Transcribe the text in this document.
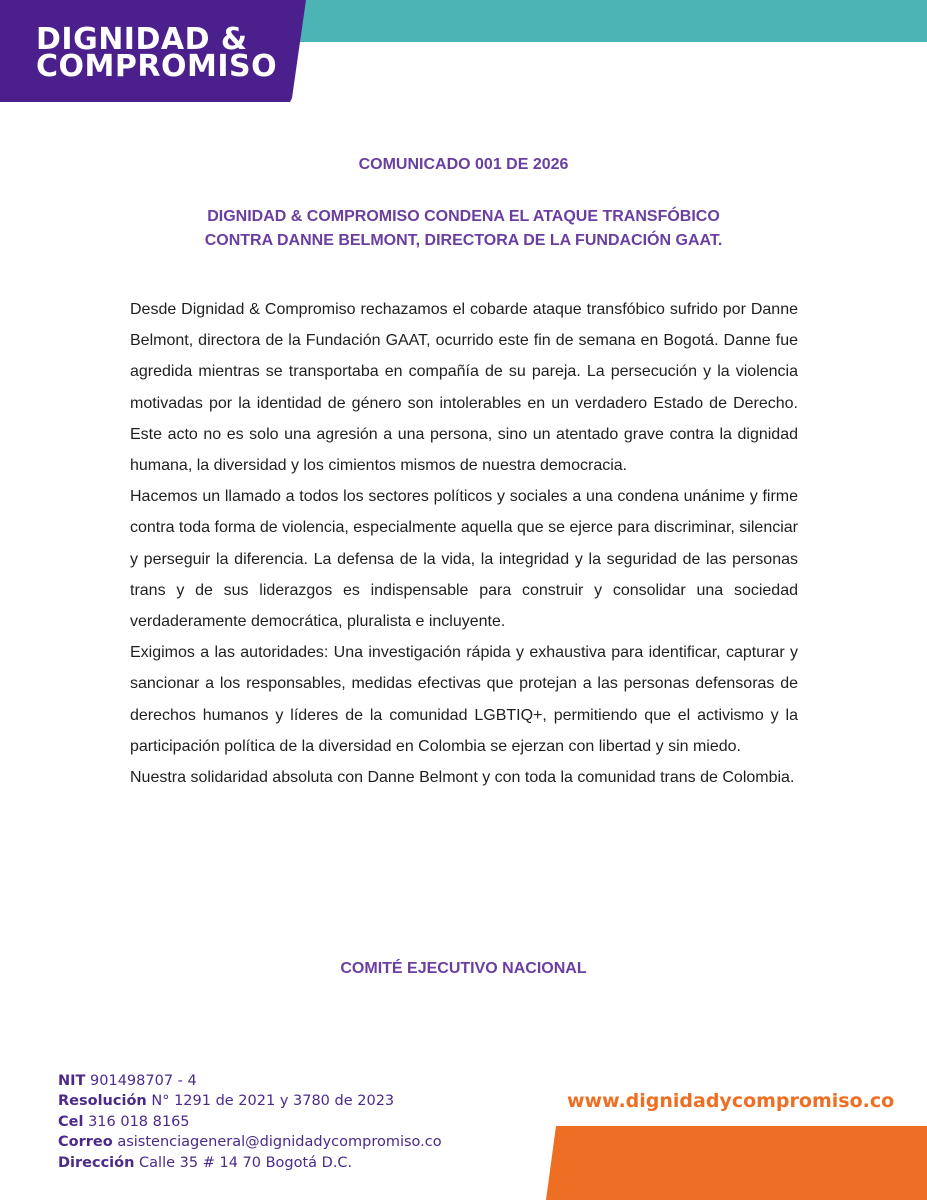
DIGNIDAD &
COMPROMISO
COMUNICADO 001 DE 2026
DIGNIDAD & COMPROMISO CONDENA EL ATAQUE TRANSFÓBICO
CONTRA DANNE BELMONT, DIRECTORA DE LA FUNDACIÓN GAAT.

Desde Dignidad & Compromiso rechazamos el cobarde ataque transfóbico sufrido por Danne Belmont, directora de la Fundación GAAT, ocurrido este fin de semana en Bogotá. Danne fue agredida mientras se transportaba en compañía de su pareja. La persecución y la violencia motivadas por la identidad de género son intolerables en un verdadero Estado de Derecho. Este acto no es solo una agresión a una persona, sino un atentado grave contra la dignidad humana, la diversidad y los cimientos mismos de nuestra democracia.

Hacemos un llamado a todos los sectores políticos y sociales a una condena unánime y firme contra toda forma de violencia, especialmente aquella que se ejerce para discriminar, silenciar y perseguir la diferencia. La defensa de la vida, la integridad y la seguridad de las personas trans y de sus liderazgos es indispensable para construir y consolidar una sociedad verdaderamente democrática, pluralista e incluyente.

Exigimos a las autoridades: Una investigación rápida y exhaustiva para identificar, capturar y sancionar a los responsables, medidas efectivas que protejan a las personas defensoras de derechos humanos y líderes de la comunidad LGBTIQ+, permitiendo que el activismo y la participación política de la diversidad en Colombia se ejerzan con libertad y sin miedo.

Nuestra solidaridad absoluta con Danne Belmont y con toda la comunidad trans de Colombia.

COMITÉ EJECUTIVO NACIONAL
NIT 901498707 - 4
Resolución N° 1291 de 2021 y 3780 de 2023
Cel 316 018 8165
Correo asistenciageneral@dignidadycompromiso.co
Dirección Calle 35 # 14 70 Bogotá D.C.
www.dignidadycompromiso.co
